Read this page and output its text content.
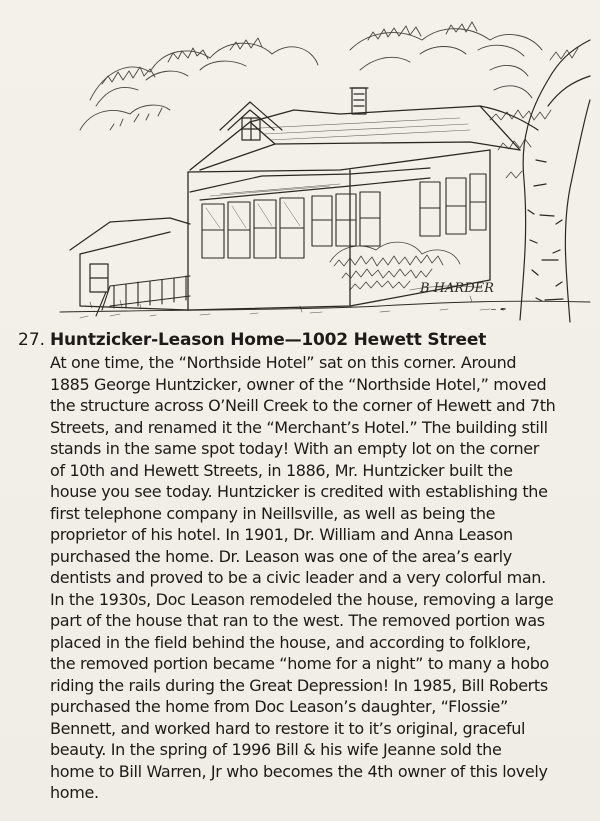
B HARDER
~ ✒
27. Huntzicker-Leason Home—1002 Hewett Street
At one time, the “Northside Hotel” sat on this corner. Around
1885 George Huntzicker, owner of the “Northside Hotel,” moved
the structure across O’Neill Creek to the corner of Hewett and 7th
Streets, and renamed it the “Merchant’s Hotel.” The building still
stands in the same spot today! With an empty lot on the corner
of 10th and Hewett Streets, in 1886, Mr. Huntzicker built the
house you see today. Huntzicker is credited with establishing the
first telephone company in Neillsville, as well as being the
proprietor of his hotel. In 1901, Dr. William and Anna Leason
purchased the home. Dr. Leason was one of the area’s early
dentists and proved to be a civic leader and a very colorful man.
In the 1930s, Doc Leason remodeled the house, removing a large
part of the house that ran to the west. The removed portion was
placed in the field behind the house, and according to folklore,
the removed portion became “home for a night” to many a hobo
riding the rails during the Great Depression! In 1985, Bill Roberts
purchased the home from Doc Leason’s daughter, “Flossie”
Bennett, and worked hard to restore it to it’s original, graceful
beauty. In the spring of 1996 Bill & his wife Jeanne sold the
home to Bill Warren, Jr who becomes the 4th owner of this lovely
home.
